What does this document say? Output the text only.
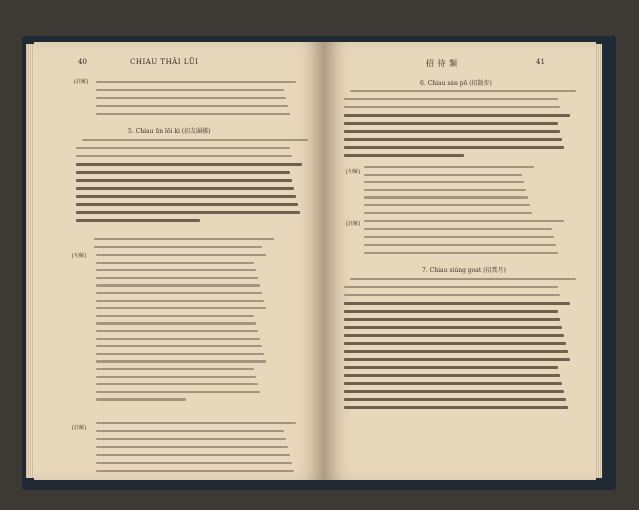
40	CHIAU THÂI LŪI
[註解]
5. Chiau ūn lōi kì (招友圍棋)
[句解]
[註解]
招 待 類	41
6. Chiau sán pō (招散步)
[句解]
[註解]
7. Chiau siúng goat (招賞月)
